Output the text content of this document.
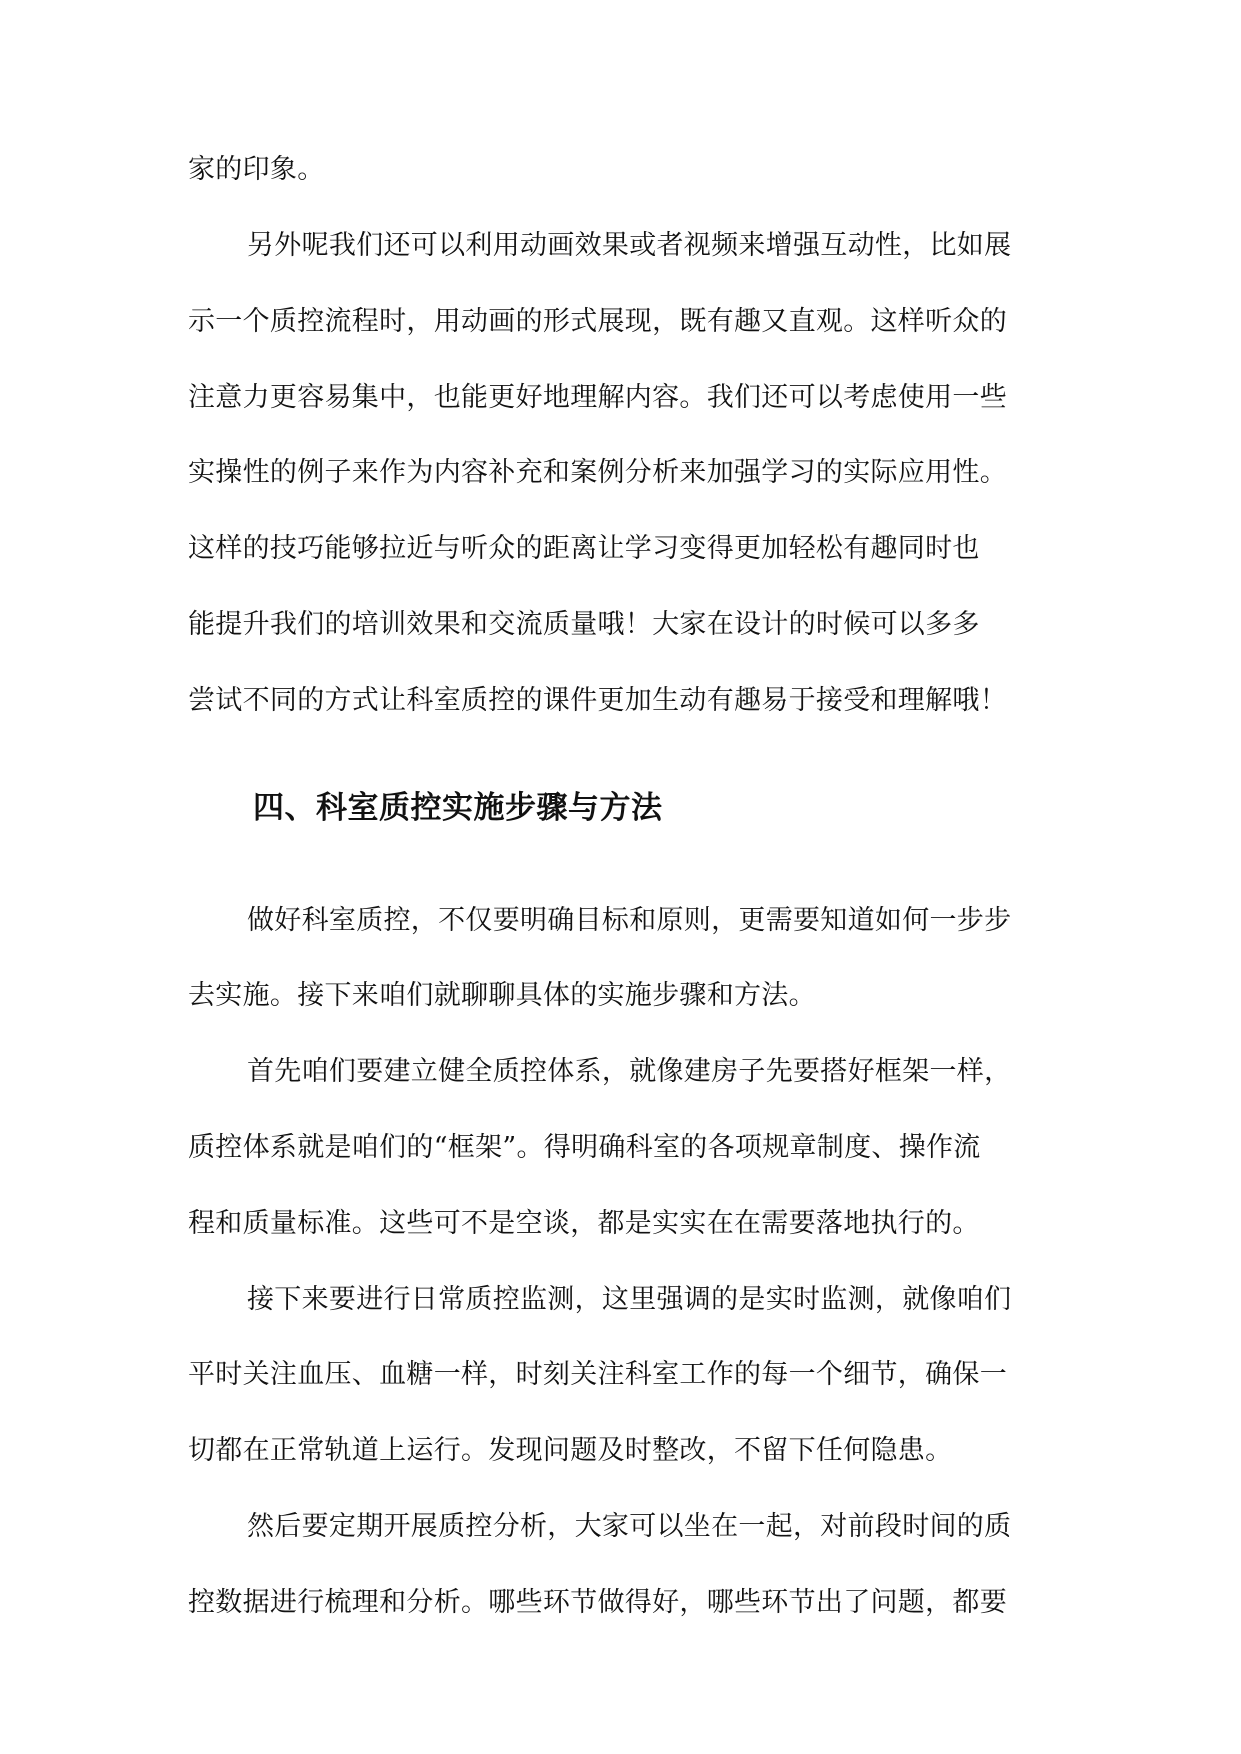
家的印象。
另外呢我们还可以利用动画效果或者视频来增强互动性，比如展
示一个质控流程时，用动画的形式展现，既有趣又直观。这样听众的
注意力更容易集中，也能更好地理解内容。我们还可以考虑使用一些
实操性的例子来作为内容补充和案例分析来加强学习的实际应用性。
这样的技巧能够拉近与听众的距离让学习变得更加轻松有趣同时也
能提升我们的培训效果和交流质量哦！大家在设计的时候可以多多
尝试不同的方式让科室质控的课件更加生动有趣易于接受和理解哦！
四、科室质控实施步骤与方法
做好科室质控，不仅要明确目标和原则，更需要知道如何一步步
去实施。接下来咱们就聊聊具体的实施步骤和方法。
首先咱们要建立健全质控体系，就像建房子先要搭好框架一样，
质控体系就是咱们的“框架”。得明确科室的各项规章制度、操作流
程和质量标准。这些可不是空谈，都是实实在在需要落地执行的。
接下来要进行日常质控监测，这里强调的是实时监测，就像咱们
平时关注血压、血糖一样，时刻关注科室工作的每一个细节，确保一
切都在正常轨道上运行。发现问题及时整改，不留下任何隐患。
然后要定期开展质控分析，大家可以坐在一起，对前段时间的质
控数据进行梳理和分析。哪些环节做得好，哪些环节出了问题，都要
